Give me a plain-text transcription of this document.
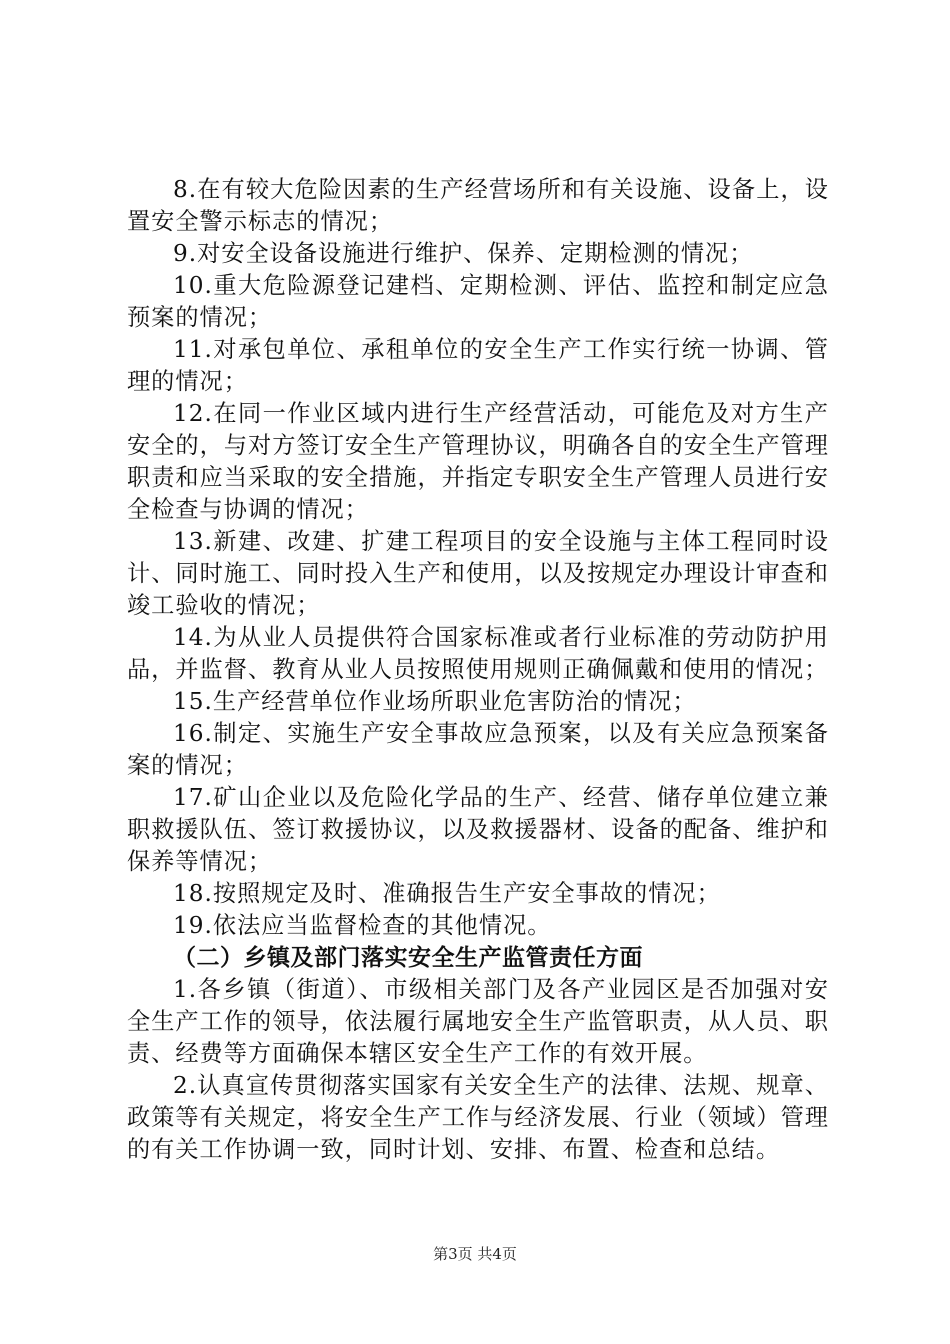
8.在有较大危险因素的生产经营场所和有关设施、设备上，设置安全警示标志的情况；

9.对安全设备设施进行维护、保养、定期检测的情况；

10.重大危险源登记建档、定期检测、评估、监控和制定应急预案的情况；

11.对承包单位、承租单位的安全生产工作实行统一协调、管理的情况；

12.在同一作业区域内进行生产经营活动，可能危及对方生产安全的，与对方签订安全生产管理协议，明确各自的安全生产管理职责和应当采取的安全措施，并指定专职安全生产管理人员进行安全检查与协调的情况；

13.新建、改建、扩建工程项目的安全设施与主体工程同时设计、同时施工、同时投入生产和使用，以及按规定办理设计审查和竣工验收的情况；

14.为从业人员提供符合国家标准或者行业标准的劳动防护用品，并监督、教育从业人员按照使用规则正确佩戴和使用的情况；

15.生产经营单位作业场所职业危害防治的情况；

16.制定、实施生产安全事故应急预案，以及有关应急预案备案的情况；

17.矿山企业以及危险化学品的生产、经营、储存单位建立兼职救援队伍、签订救援协议，以及救援器材、设备的配备、维护和保养等情况；

18.按照规定及时、准确报告生产安全事故的情况；

19.依法应当监督检查的其他情况。

（二）乡镇及部门落实安全生产监管责任方面

1.各乡镇（街道）、市级相关部门及各产业园区是否加强对安全生产工作的领导，依法履行属地安全生产监管职责，从人员、职责、经费等方面确保本辖区安全生产工作的有效开展。

2.认真宣传贯彻落实国家有关安全生产的法律、法规、规章、政策等有关规定，将安全生产工作与经济发展、行业（领域）管理的有关工作协调一致，同时计划、安排、布置、检查和总结。

第3页 共4页
